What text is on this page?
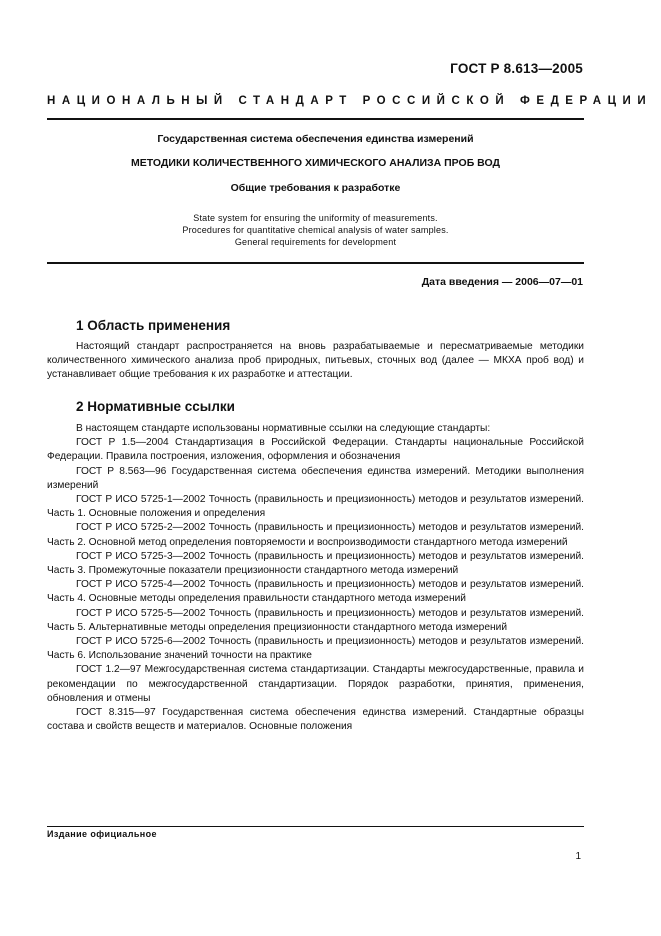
ГОСТ Р 8.613—2005
НАЦИОНАЛЬНЫЙ СТАНДАРТ РОССИЙСКОЙ ФЕДЕРАЦИИ
Государственная система обеспечения единства измерений
МЕТОДИКИ КОЛИЧЕСТВЕННОГО ХИМИЧЕСКОГО АНАЛИЗА ПРОБ ВОД
Общие требования к разработке
State system for ensuring the uniformity of measurements.
Procedures for quantitative chemical analysis of water samples.
General requirements for development
Дата введения — 2006—07—01
1 Область применения

Настоящий стандарт распространяется на вновь разрабатываемые и пересматриваемые методики количественного химического анализа проб природных, питьевых, сточных вод (далее — МКХА проб вод) и устанавливает общие требования к их разработке и аттестации.

2 Нормативные ссылки

В настоящем стандарте использованы нормативные ссылки на следующие стандарты:

ГОСТ Р 1.5—2004 Стандартизация в Российской Федерации. Стандарты национальные Российской Федерации. Правила построения, изложения, оформления и обозначения

ГОСТ Р 8.563—96 Государственная система обеспечения единства измерений. Методики выполнения измерений

ГОСТ Р ИСО 5725-1—2002 Точность (правильность и прецизионность) методов и результатов измерений. Часть 1. Основные положения и определения

ГОСТ Р ИСО 5725-2—2002 Точность (правильность и прецизионность) методов и результатов измерений. Часть 2. Основной метод определения повторяемости и воспроизводимости стандартного метода измерений

ГОСТ Р ИСО 5725-3—2002 Точность (правильность и прецизионность) методов и результатов измерений. Часть 3. Промежуточные показатели прецизионности стандартного метода измерений

ГОСТ Р ИСО 5725-4—2002 Точность (правильность и прецизионность) методов и результатов измерений. Часть 4. Основные методы определения правильности стандартного метода измерений

ГОСТ Р ИСО 5725-5—2002 Точность (правильность и прецизионность) методов и результатов измерений. Часть 5. Альтернативные методы определения прецизионности стандартного метода измерений

ГОСТ Р ИСО 5725-6—2002 Точность (правильность и прецизионность) методов и результатов измерений. Часть 6. Использование значений точности на практике

ГОСТ 1.2—97 Межгосударственная система стандартизации. Стандарты межгосударственные, правила и рекомендации по межгосударственной стандартизации. Порядок разработки, принятия, применения, обновления и отмены

ГОСТ 8.315—97 Государственная система обеспечения единства измерений. Стандартные образцы состава и свойств веществ и материалов. Основные положения

Издание официальное
1
